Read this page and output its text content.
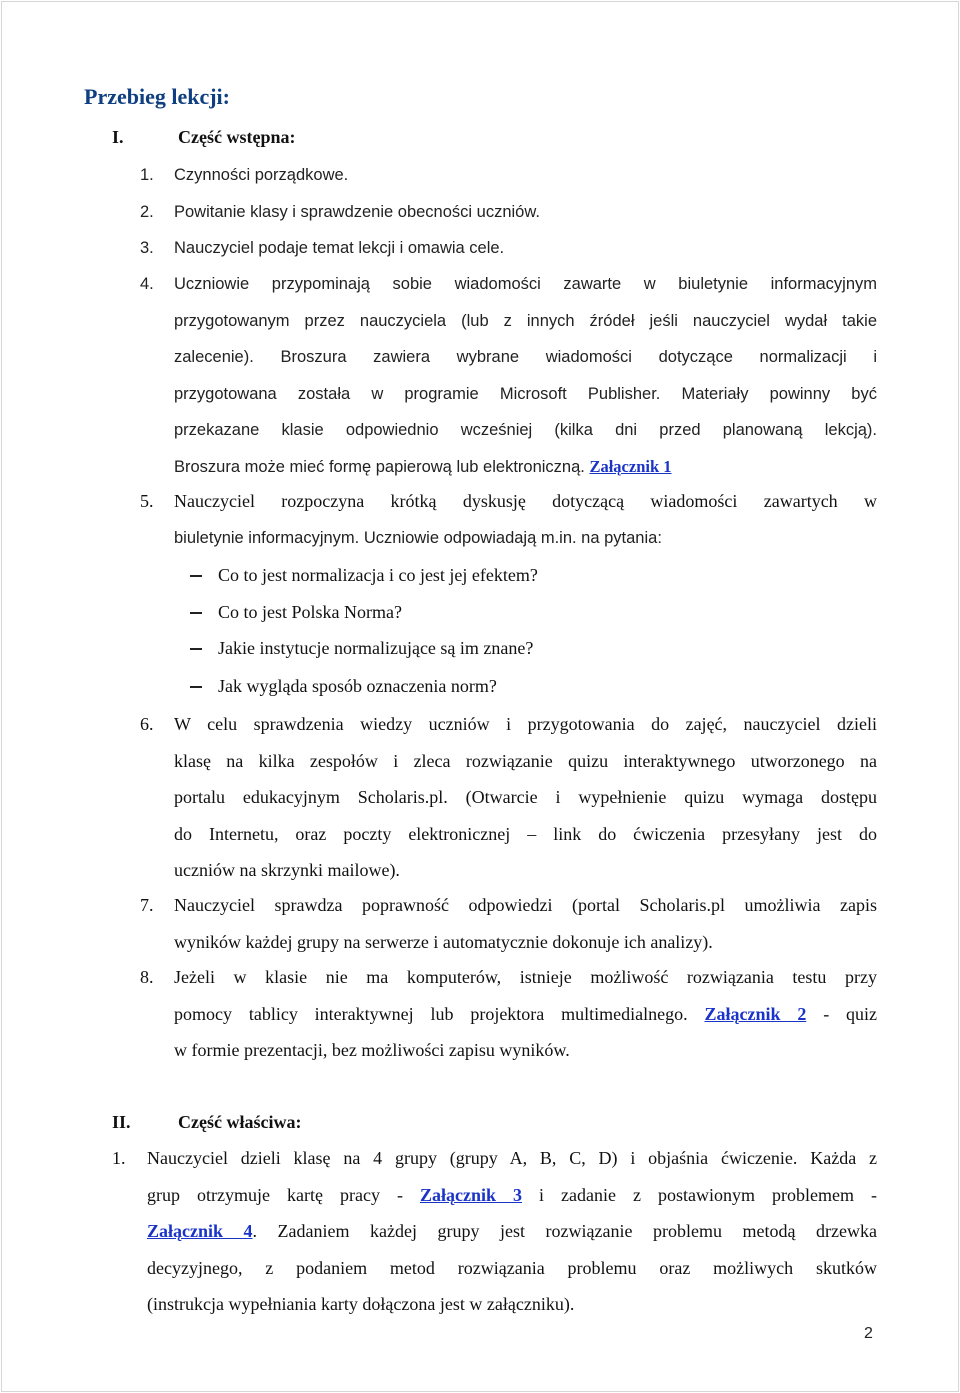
Przebieg lekcji:
I.	Część wstępna:
1. Czynności porządkowe.
2. Powitanie klasy i sprawdzenie obecności uczniów.
3. Nauczyciel podaje temat lekcji i omawia cele.
4. Uczniowie przypominają sobie wiadomości zawarte w biuletynie informacyjnym
przygotowanym przez nauczyciela (lub z innych źródeł jeśli nauczyciel wydał takie
zalecenie). Broszura zawiera wybrane wiadomości dotyczące normalizacji i
przygotowana została w programie Microsoft Publisher. Materiały powinny być
przekazane klasie odpowiednio wcześniej (kilka dni przed planowaną lekcją).
Broszura może mieć formę papierową lub elektroniczną. Załącznik 1
5. Nauczyciel rozpoczyna krótką dyskusję dotyczącą wiadomości zawartych w
biuletynie informacyjnym. Uczniowie odpowiadają m.in. na pytania:
Co to jest normalizacja i co jest jej efektem?
Co to jest Polska Norma?
Jakie instytucje normalizujące są im znane?
Jak wygląda sposób oznaczenia norm?
6. W celu sprawdzenia wiedzy uczniów i przygotowania do zajęć, nauczyciel dzieli
klasę na kilka zespołów i zleca rozwiązanie quizu interaktywnego utworzonego na
portalu edukacyjnym Scholaris.pl. (Otwarcie i wypełnienie quizu wymaga dostępu
do Internetu, oraz poczty elektronicznej – link do ćwiczenia przesyłany jest do
uczniów na skrzynki mailowe).
7. Nauczyciel sprawdza poprawność odpowiedzi (portal Scholaris.pl umożliwia zapis
wyników każdej grupy na serwerze i automatycznie dokonuje ich analizy).
8. Jeżeli w klasie nie ma komputerów, istnieje możliwość rozwiązania testu przy
pomocy tablicy interaktywnej lub projektora multimedialnego. Załącznik 2 - quiz
w formie prezentacji, bez możliwości zapisu wyników.
II.	Część właściwa:
1. Nauczyciel dzieli klasę na 4 grupy (grupy A, B, C, D) i objaśnia ćwiczenie. Każda z
grup otrzymuje kartę pracy - Załącznik 3 i zadanie z postawionym problemem -
Załącznik 4. Zadaniem każdej grupy jest rozwiązanie problemu metodą drzewka
decyzyjnego, z podaniem metod rozwiązania problemu oraz możliwych skutków
(instrukcja wypełniania karty dołączona jest w załączniku).
2
